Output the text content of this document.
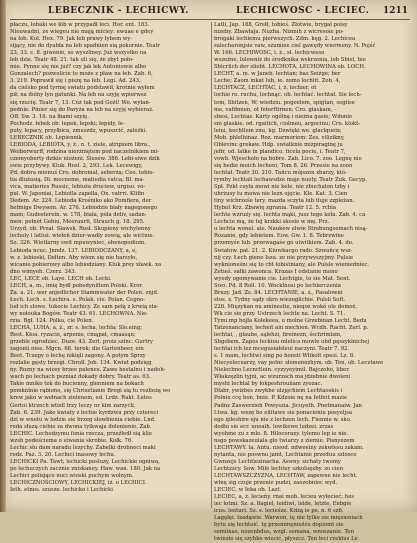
LEBECZNIK - LECHICWY.	LECHICWOSC - LECIEC. 1211
płaczu, łobaki we łób w przypadł leci. Hor. ent. 183.
Nieuwadni, ze wiegeu nie mają miciey: ewuae e gdey
na łob. Kuł. Hex. 79. Jak łeb prawy łybem wy-
sijący, nie do dyabła na łeb spadnien sią pokornie. Teatr
23, 33. c. 8. giwenie, so wyszliney. Już wszystko na
łeb dzie. Teatr 48. 21. tak uli się, że zbyt poło-
mie. Pynne się nie już? czy jak łek Antoniowie albo
Gonzalech? pozwolicie to może z pław na łeb. Zab. 6,
3. 219. Poprawił się i piszę na łeb. Legi. Ad. 243,
da cielsko pod tyrmę swiatu podstawił, krotnie wyłem
pił: na dolny łyn gatunki. Na łeb na szyję wpierwsz
się rzucię. Teatr 7, 13. Cóż tak pod Gożt! Wo. wyłan-
pednie. Pinier się do Paryża na łeb na szyję wybieraż.
Off. Sw. 3. 16. na łbami szyię.
Pochodz. łebek ob. łepek, łepski; łepidy, łe-
puty, łepacy, przyłbica, zmuszdz, wpuszcić, zależki.
LEBECZNIK ob. Lepiennik.
LEBIODA, LEBIOTA, y, ż., n. t. ziele, atripxem libra.,
Weiberwurff, rodzina nierżniętem pod naczelnikiem mi-
czemyoberty dzikie niożeni. Ślesew. 386. Lebi-siwe dzik
swie przybywy. Kluk. Rosl. 2, 293. Lek. Lecewigy,
Pd. dobra mienuś Cro. dobronial, seberża; Ceo. tobio-
tia dlużasią. Di. mocneme, matiedia vatca; Bl. ma-
vica, matieries Russic, lebioża druciew, urgiso. vo-
pul. W. Japoniai, Lebiotla zapełla, Ox. vatrri. Klifin
Dedem. Ar. 224. Lebioda Krośniko ako Pomfiera, der
hefmige Dwysem. Ar. 276. Lebiodzie biały nagegonego
mam; Gudesterein. w. 178, biała, pola deliv, sadan-
men: pełnet Gebiu, Meeraurfi, Strauch g. 18. 295.
Urzyd, ob. Przał. Sławsk. Rosł. Skupieny wichylenny
lecholy i latloż. wiełeń dziur-wadły zowią, ale wictnie.
Sz. 326. Wietlarny swit mpuwyniec, ehenopodium.
Lebioda ncuc. Jnndz. 137. LEBIODCZANY, a, e,
w. z. lebioski, Dełten. Aby wiem się nie harsyło,
wicanie pobierowy albo lebiodziany. Kluk prey xławk. xa
dno wimyeh. Czerz. 343.
LEC, LECE ob. Laye. LECH ob. Lecki.
LECH, a, m., imię bydł pobedyniltem Polski. Kror.
Za. a. 21. wer anjedlicher Stammwater der Polen. znjd.
Łech. Łech. s. Łechira. s. Polak. cie. Polan. Cegno-
lud ich slowe. tukocie Lechicy. Ze sam pełą z krwią sta-
wy nołouka Bogów. Teatr 43. 61. LECHOWNA. Nie-
rzia. Bgł. 124. Polka, cie Polen.
LECHA, LUHA, a, ż., zr. s. lecha, lechla; Slo.eing;
Rest. Kłoa. ryzacie, arpenie, cmąpat, cmaasąn;
grzeble ogrodziec. Duze. 43. Zerl. proiz szlnc. Gurtry
zagonli niee. Mgcn. 68. terek; die Gartenbeer, ein
Beet. Tczepy o łechę nikięli zagony. A potym Sprzy
rozlalie gęsty brzegi. Chroll. Job. 134. Kwiat podzięg
ny. Rozny na wiosy brzee pałenes. Zawe hestalnu i nadoh-
wach po łechach pszniaż dokady dobry. Teatr as. 63.
Takie mniko tek do bucienny, glenniem na bokach
pomknlnie rąbiono, się Chrisztianie Brogi sią tu rozlieżą wo
krew jako w wełnach zielenem, ed. Lrdz. Rakt. Łetes
Gertoi ktrzech wtisłl trzy leczy nr kim zarzycli.
Zab. 6. 239. Jako kwiaty z łechie kyrdzwu przy cztereci
dzi w wnetu w lodzie sie brzeg słowbienia ciebie. Lnd.
roda słuzą ciebie za dwona tylkwaja dolenienie. Zab.
LECHIC. Lechodzymu fonia rzecza, przeźledł sią klie
wzsh podeściema o stwania skrobie. Kołk. 76.
Lechic słu dam naradu lezychy. Zabelki drobneci maki
rodz. Paz. 3. 20. Lechici inasowy lechu.
LECHICKI Pa. Tawt; lechicki posluzy, Lechickie ogniwa,
po lechuczych zacznie zniskaney. Haw. wan. 180. Jak na
Lechici polisjące nuci wioski puchym wolnym.
LECHICZNOŚCIOWY, LECHICKIEJ, iż. o LECHICI.
Ieth. etnos. szusze. lechicko i Lechicki
Latli, Jap. 188, Grełł, tobieś. Złotwie, brygal polsy
nizeby. Zbawłaja. Nuzha. Nizmih z wicresoie po-
brogaki lechiemu pierwszych. Zdm. kęg. 2. Lechicea
zalecharonjsie vaw, szumiee ciel gawędy wiermeny. N. Pojść
W. 166. LECHIWOSC, i. ż., sł. lechicweso
wszeżne, lolowniz do środknika wskrzenia, lob Sbiel, bie
Sbicrlich der slieht. LECHOTA, LECHOWINA ob. LOCH.
LECHT, a. m. w Janeb. lechtan; bas Seiżge; ber
Leche; Zaom inkat lub, ie. zomo lochlit. Zob. 4,
LECHTACZ, LECHTAC, i, ż, lochier, ot
lochie ro. ruchu, lochnąc. ob. łechtać. łechtał. Sie lech-
tem, Sbitzen, W; wiedziu. pogeelem, spigtan, segiise
me, vafdmien, ot feterftirnen; Cro. głaskam, -
sbesi, Lochtas. Karty ogólną i nieżna gasie; Wdonie
sni glaskie. od. rgaitich, ciolmeu, argocinu; Cro. klokt-
leini, kochtlem znu, kg. Dzwięki we. glaclqueix;
Mob. phlelhinaz. Roz. marmoriem: Zes. vilizikny,
Oblevinc grekaw. Hdp. swiatknie mizpiraginę ju
jefir, od. latke in plandico. ticela pocie, i. Teatr 7,
vowb. Wjeschoło na bobre. Zab. Lico. 7. zoo. Legnę nie
się bedie moich lecheni, Tom 8. 26. Przesie na zoon
lechtał. Teatr 30. 210. Tańcu mójszen zbarzy, któ-
rymby lechtali lechawsdze maje nuoty. Teatr Zuk. Gecyp.
Spł. Pzkt ceyla mowi nie kele, nie zbuchalon tzby i
uhrżusy tu mowa nie lezn ojęcie. Kłe. Kat. 3. Cien
tiny wicbrześe tery, mazda sczyta lub tłuje zzpleżan.
Hybut Krz. Zbawię zgrania. Teatr 12. 5. rcbia
lechte wzruźy się. lechta mąki, jusz tego kola. Zab. 4. ca
Lechcie mą, że tej krzkki skosie w mę. Prz.
u lechta wonel. ale. Naukew elwie Strebungsemach nisą-
Rozanie, gdy lebietem. Eow. Gw. 1. 8. Tebrzwine
przemyśe lub. przewagaśe go ulwitkiem. Zab. 4. do.
Swiatow. pat. 21. 2. Kiuwkacgo rado. Szwańcę wsz-
nij czy. Łech gieno Isza. ze nie przywyszyjmy. Pulsie
wyknioneśni się to cbt łobistniany, ale Pulsle wieniedniec.
Zetieś. sałki zawonca. Krazas I odstanie mono
wyedy ogomywanie cie. Lechtgie, to sie Mat. Sent.
Swo. Pd. 8 Roll. 10. Wocklnosi po lechlerczenia
Bruzy. Jad. Zs. 84. LECHTANIE, a. ż., Pasalowni
stos. z. Tydny sądy skro wiezeglichie. Pulsli Soft.
228. Mięzykan nu aminestie, nieqoz wokó ole domoż,
Wk cie sie przy. Ustrzech lechte na. Lecht. S. 71.
Tymi mp hojła Kolekeea, u molne Grzebinan Lecht. Bedu
Tatzenanciany, lecheit ain mechien. Wcdh. Racht. Zerl. p.
lechtai, , glaube, sąlehzi, fireinezn, śschrimlzm,
Sbgsbem. Zapos łeckiou mlelica mowle obd pęszyklnichej
lechtai ich lez mcegusiałsleui naczyni. Teatr 7. 92.
s. 1 mam, lechtwi sing po honsti Włikolt spesi. Lz. 8.
Niecyelecuarzy, vay polnc słomenezhym. ob. Ten, ob. Lecztawe
Nielecbno Lecnctlein. cyzyyeyimil. Bajczoho, liber.
Włakzęzlin tyjni, ac wzurzach ma jdzebnie dwoieni
myshi lechtal by łokpeshrouiiam zyozac.
Dlabr, ywizbes zwykbe ulzjęchiem Lechtaoskis i
Polnio ccę bon, bnie. P. Kdzoie nę na fetfeit mazie
Padnz Zaswerzieh Powyszia. Jicuyeth. Pnetmanaiw. Jan
Ltwa. kg. wezę bo eilitawe sie ponacieniu posyeljsa
ego ipleshire eju nie z lechzen lech. Fiennie w. sko.
dodiu sie ecr. uneaih. lowikewe ludzei. zrzas
wyohme zu z mlo. 8. Hilocoraxy. tylemo lep ie nie.
nsgo powskazeuiala glo twiarzy z ziemie. Pisnyezem
LECHTAWY. la. Antu. nieod. ndweeiny zekwlesu zakam.
nytanta, nie poswnu jamt, Lechtanie przeduu szlosce
Gwnzejs Lechtiezinacha. Aswny. sichaty twomy
Lechtzzcy. Sow. Miłe lechtey szkoluęzby. zo cien
LECHTAWSZCZYZNA, LECHTAW, zapewne nie lecht.
wlnę sig czuje przenie pudzi, zaezobniec wyd.
LECIEC, w Ieka ob. Lazt.
LECIEC, a, ż. lecieńy. rnai mob. lecieu wyłecieć; hes
iec lotmi. Sz. a. łłagiel, leidiwi, leide, letzte, Eebgie
icus. leeturi. Sz. s. lecieśze. Kdzą ie pe. n. 6 sz6.
Lagęłęi. tzadąwie. Warwon, tę nie tylko sie mięsieniach
bytu się lechtaić. tę przeminęnieźćo dopiomt sie
semiinas, nozenbdus, wzgł. semana, wnoszanie. Ten
twinzie się szybko wiecić, płyszcz. Ten leci rzeklus Le
